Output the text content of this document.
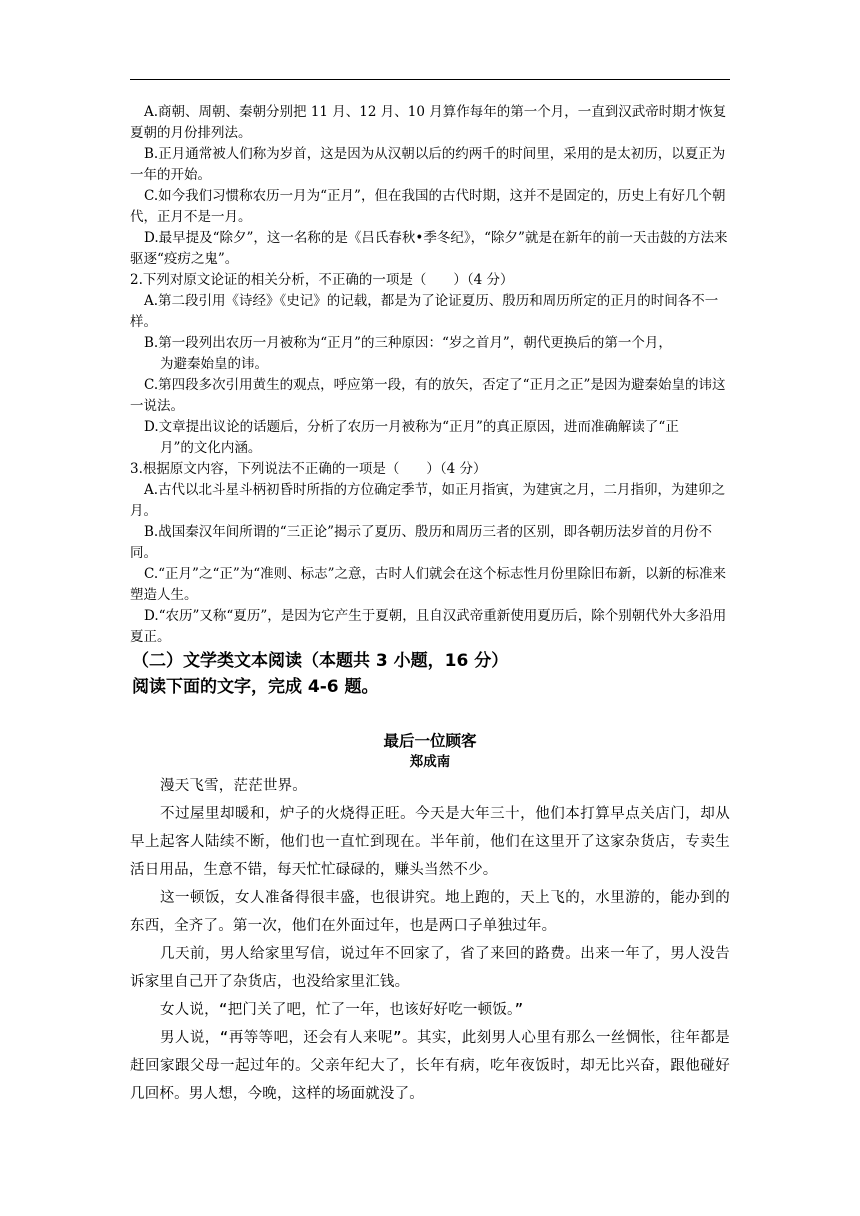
A.商朝、周朝、秦朝分别把 11 月、12 月、10 月算作每年的第一个月，一直到汉武帝时期才恢复夏朝的月份排列法。

B.正月通常被人们称为岁首，这是因为从汉朝以后的约两千的时间里，采用的是太初历，以夏正为一年的开始。

C.如今我们习惯称农历一月为“正月”，但在我国的古代时期，这并不是固定的，历史上有好几个朝代，正月不是一月。

D.最早提及“除夕”，这一名称的是《吕氏春秋•季冬纪》，“除夕”就是在新年的前一天击鼓的方法来驱逐“疫疠之鬼”。

2.下列对原文论证的相关分析，不正确的一项是（　　）（4 分）

A.第二段引用《诗经》《史记》的记载，都是为了论证夏历、殷历和周历所定的正月的时间各不一样。

B.第一段列出农历一月被称为“正月”的三种原因：“岁之首月”，朝代更换后的第一个月，

为避秦始皇的讳。

C.第四段多次引用黄生的观点，呼应第一段，有的放矢，否定了“正月之正”是因为避秦始皇的讳这一说法。

D.文章提出议论的话题后，分析了农历一月被称为“正月”的真正原因，进而准确解读了“正

月”的文化内涵。

3.根据原文内容，下列说法不正确的一项是（　　）（4 分）

A.古代以北斗星斗柄初昏时所指的方位确定季节，如正月指寅，为建寅之月，二月指卯，为建卯之月。

B.战国秦汉年间所谓的“三正论”揭示了夏历、殷历和周历三者的区别，即各朝历法岁首的月份不同。

C.“正月”之“正”为“准则、标志”之意，古时人们就会在这个标志性月份里除旧布新，以新的标准来塑造人生。

D.“农历”又称“夏历”，是因为它产生于夏朝，且自汉武帝重新使用夏历后，除个别朝代外大多沿用夏正。

（二）文学类文本阅读（本题共 3 小题，16 分）

阅读下面的文字，完成 4-6 题。

最后一位顾客

郑成南

漫天飞雪，茫茫世界。

不过屋里却暖和，炉子的火烧得正旺。今天是大年三十，他们本打算早点关店门，却从早上起客人陆续不断，他们也一直忙到现在。半年前，他们在这里开了这家杂货店，专卖生活日用品，生意不错，每天忙忙碌碌的，赚头当然不少。

这一顿饭，女人准备得很丰盛，也很讲究。地上跑的，天上飞的，水里游的，能办到的东西，全齐了。第一次，他们在外面过年，也是两口子单独过年。

几天前，男人给家里写信，说过年不回家了，省了来回的路费。出来一年了，男人没告诉家里自己开了杂货店，也没给家里汇钱。

女人说，“把门关了吧，忙了一年，也该好好吃一顿饭。”

男人说，“再等等吧，还会有人来呢”。其实，此刻男人心里有那么一丝惆怅，往年都是赶回家跟父母一起过年的。父亲年纪大了，长年有病，吃年夜饭时，却无比兴奋，跟他碰好几回杯。男人想，今晚，这样的场面就没了。
